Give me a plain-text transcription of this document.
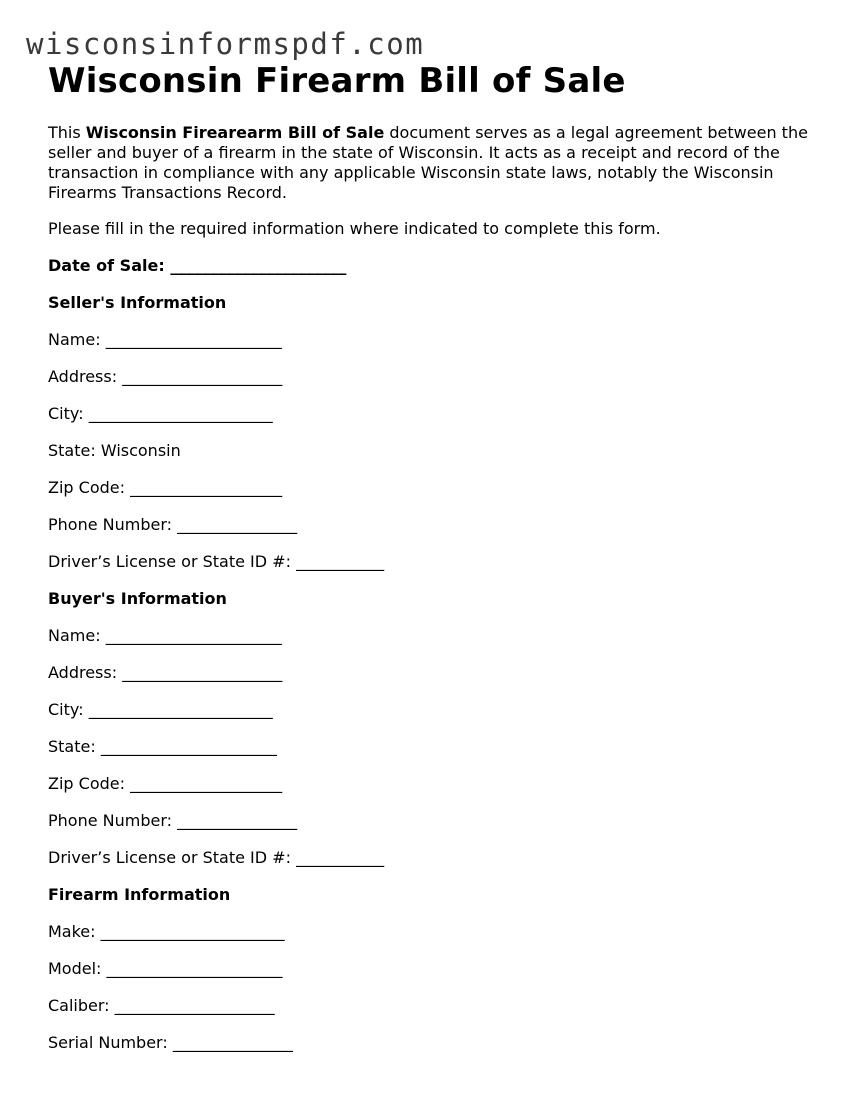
wisconsinformspdf.com
Wisconsin Firearm Bill of Sale

This Wisconsin Firearearm Bill of Sale document serves as a legal agreement between the seller and buyer of a firearm in the state of Wisconsin. It acts as a receipt and record of the transaction in compliance with any applicable Wisconsin state laws, notably the Wisconsin Firearms Transactions Record.

Please fill in the required information where indicated to complete this form.
Date of Sale: ______________________
Seller's Information
Name: ______________________
Address: ____________________
City: _______________________
State: Wisconsin
Zip Code: ___________________
Phone Number: _______________
Driver’s License or State ID #: ___________
Buyer's Information
Name: ______________________
Address: ____________________
City: _______________________
State: ______________________
Zip Code: ___________________
Phone Number: _______________
Driver’s License or State ID #: ___________
Firearm Information
Make: _______________________
Model: ______________________
Caliber: ____________________
Serial Number: _______________
